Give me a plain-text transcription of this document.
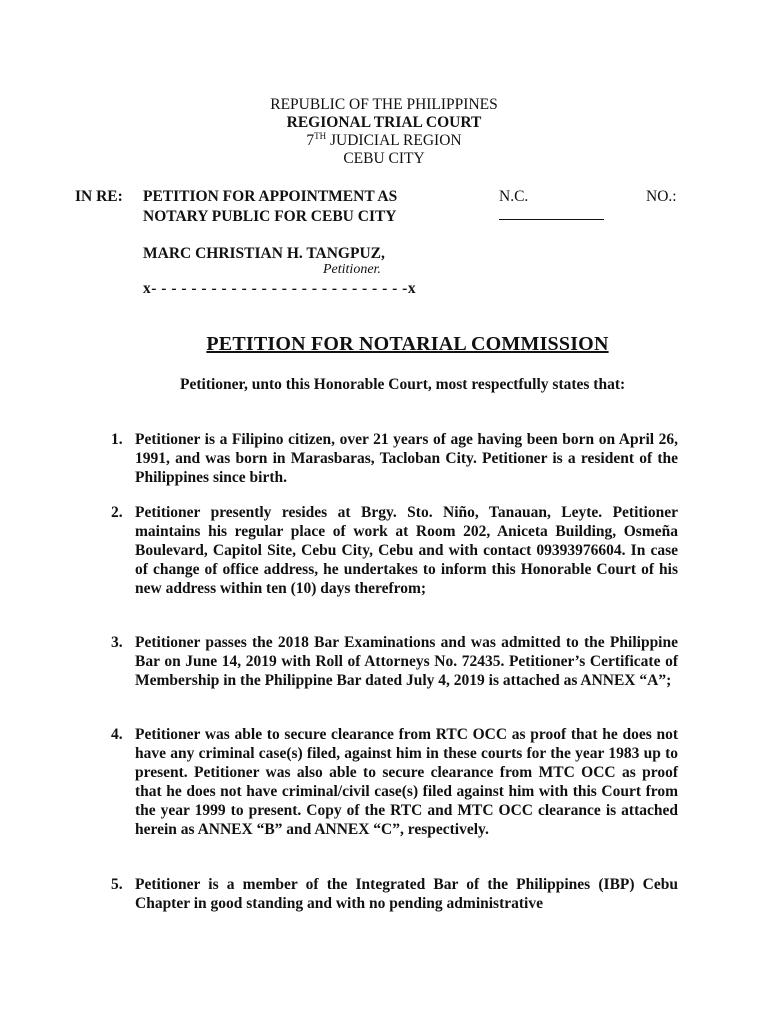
REPUBLIC OF THE PHILIPPINES
REGIONAL TRIAL COURT
7TH JUDICIAL REGION
CEBU CITY
IN RE: PETITION FOR APPOINTMENT AS
NOTARY PUBLIC FOR CEBU CITY
N.C.	NO.:
MARC CHRISTIAN H. TANGPUZ,
Petitioner.
x- - - - - - - - - - - - - - - - - - - - - - - - - -x
PETITION FOR NOTARIAL COMMISSION
Petitioner, unto this Honorable Court, most respectfully states that:
1. Petitioner is a Filipino citizen, over 21 years of age having been born on April 26, 1991, and was born in Marasbaras, Tacloban City. Petitioner is a resident of the Philippines since birth.
2. Petitioner presently resides at Brgy. Sto. Niño, Tanauan, Leyte. Petitioner maintains his regular place of work at Room 202, Aniceta Building, Osmeña Boulevard, Capitol Site, Cebu City, Cebu and with contact 09393976604. In case of change of office address, he undertakes to inform this Honorable Court of his new address within ten (10) days therefrom;
3. Petitioner passes the 2018 Bar Examinations and was admitted to the Philippine Bar on June 14, 2019 with Roll of Attorneys No. 72435. Petitioner’s Certificate of Membership in the Philippine Bar dated July 4, 2019 is attached as ANNEX “A”;
4. Petitioner was able to secure clearance from RTC OCC as proof that he does not have any criminal case(s) filed, against him in these courts for the year 1983 up to present. Petitioner was also able to secure clearance from MTC OCC as proof that he does not have criminal/civil case(s) filed against him with this Court from the year 1999 to present. Copy of the RTC and MTC OCC clearance is attached herein as ANNEX “B” and ANNEX “C”, respectively.
5. Petitioner is a member of the Integrated Bar of the Philippines (IBP) Cebu Chapter in good standing and with no pending administrative
